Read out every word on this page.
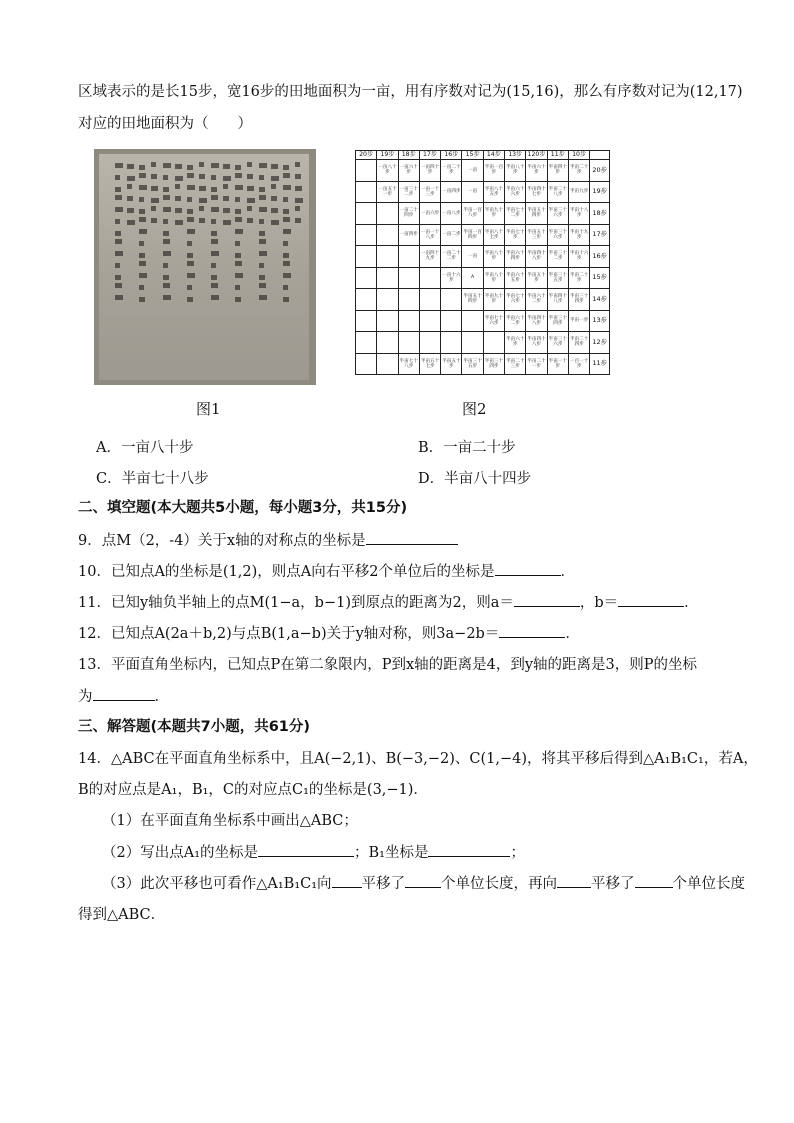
区域表示的是长15步，宽16步的田地面积为一亩，用有序数对记为(15,16)，那么有序数对记为(12,17)
对应的田地面积为（　　）
20步	19步	18步	17步	16步	15步	14步	13步	120步	11步	10步	
	一亩八十步	一亩六十步	一亩四十步	一亩二十步	一亩	半亩一百步	半亩八十步	半亩六十步	半亩四十步	半亩二十步	20步
	一亩五十一步	一亩三十二步	一亩一十三步	一亩四步	一亩	半亩八十五步	半亩六十六步	半亩四十七步	半亩二十八步	半亩九步	19步
		一亩二十四步	一亩六步	一亩八步	半亩一百八步	半亩九十步	半亩七十二步	半亩五十四步	半亩三十六步	半亩十八步	18步
		一亩四步	一亩一十八步	一亩二步	半亩一百四步	半亩八十七步	半亩七十步	半亩五十三步	半亩三十六步	半亩十九步	17步
			一亩四十九步	一亩二十二步	一亩	半亩八十步	半亩六十四步	半亩四十八步	半亩三十二步	半亩十六步	16步
				一亩十六步	A	半亩八十步	半亩六十五步	半亩五十步	半亩三十五步	半亩二十步	15步
					半亩五十四步	半亩九十步	半亩七十六步	半亩六十二步	半亩四十八步	半亩三十四步	14步
						半亩七十六步	半亩六十二步	半亩四十八步	半亩三十四步	半亩一步	13步
							半亩六十步	半亩四十八步	半亩三十六步	半亩二十四步	12步
		半亩七十八步	半亩五十七步	半亩五十步	半亩三十五步	半亩三十四步	半亩二十三步	半亩二十一步	半亩一十步	一百一十步	11步
图1	图2
A．一亩八十步	B．一亩二十步
C．半亩七十八步	D．半亩八十四步
二、填空题(本大题共5小题，每小题3分，共15分)
9．点M（2，-4）关于x轴的对称点的坐标是
10．已知点A的坐标是(1,2)，则点A向右平移2个单位后的坐标是	．
11．已知y轴负半轴上的点M(1−a，b−1)到原点的距离为2，则a＝	，b＝	．
12．已知点A(2a＋b,2)与点B(1,a−b)关于y轴对称，则3a−2b＝	．
13．平面直角坐标内，已知点P在第二象限内，P到x轴的距离是4，到y轴的距离是3，则P的坐标
为	．
三、解答题(本题共7小题，共61分)
14．△ABC在平面直角坐标系中，且A(−2,1)、B(−3,−2)、C(1,−4)，将其平移后得到△A₁B₁C₁，若A，
B的对应点是A₁，B₁，C的对应点C₁的坐标是(3,−1)．
（1）在平面直角坐标系中画出△ABC；
（2）写出点A₁的坐标是	；B₁坐标是	；
（3）此次平移也可看作△A₁B₁C₁向 平移了 个单位长度，再向 平移了	个单位长度
得到△ABC．
